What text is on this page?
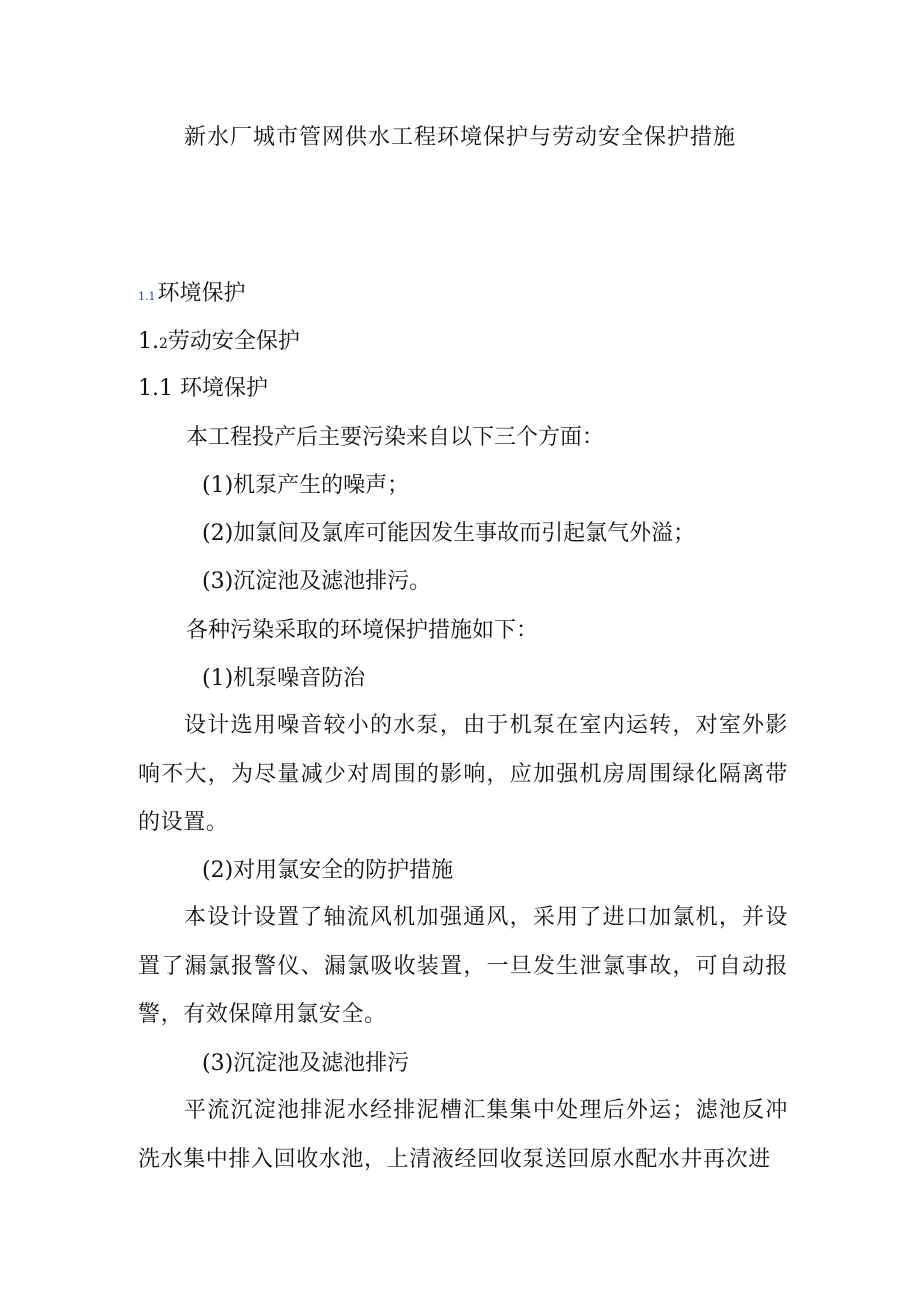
新水厂城市管网供水工程环境保护与劳动安全保护措施
1.1环境保护
1.2劳动安全保护
1.1 环境保护
本工程投产后主要污染来自以下三个方面：
(1)机泵产生的噪声；
(2)加氯间及氯库可能因发生事故而引起氯气外溢；
(3)沉淀池及滤池排污。
各种污染采取的环境保护措施如下：
(1)机泵噪音防治
设计选用噪音较小的水泵，由于机泵在室内运转，对室外影响不大，为尽量减少对周围的影响，应加强机房周围绿化隔离带的设置。
(2)对用氯安全的防护措施
本设计设置了轴流风机加强通风，采用了进口加氯机，并设置了漏氯报警仪、漏氯吸收装置，一旦发生泄氯事故，可自动报警，有效保障用氯安全。
(3)沉淀池及滤池排污
平流沉淀池排泥水经排泥槽汇集集中处理后外运；滤池反冲洗水集中排入回收水池，上清液经回收泵送回原水配水井再次进
